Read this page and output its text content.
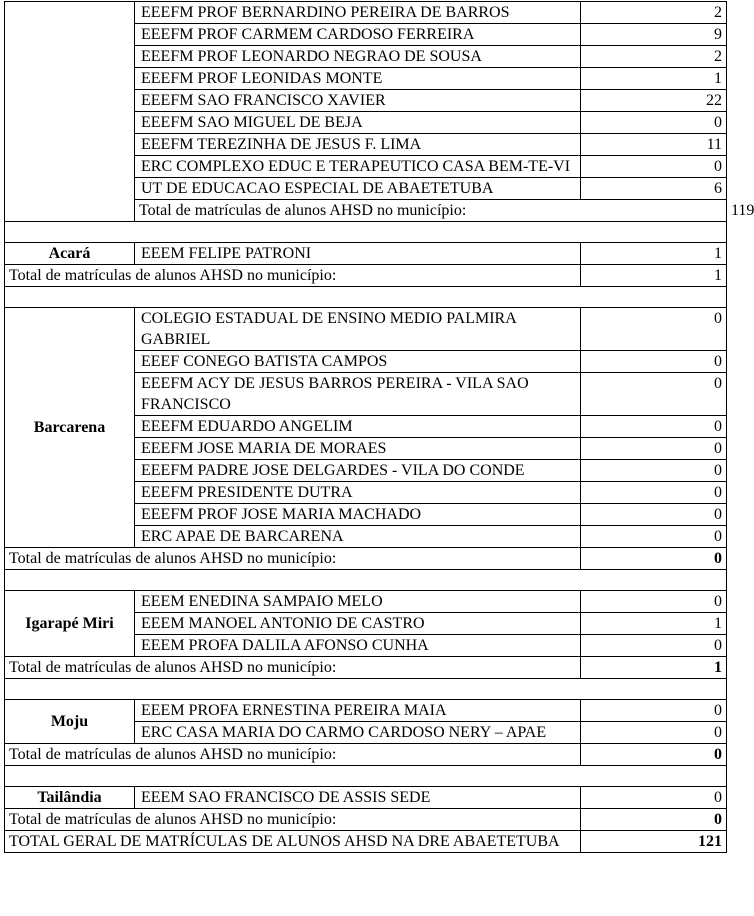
	EEEFM PROF BERNARDINO PEREIRA DE BARROS	2	
	EEEFM PROF CARMEM CARDOSO FERREIRA	9	
	EEEFM PROF LEONARDO NEGRAO DE SOUSA	2	
	EEEFM PROF LEONIDAS MONTE	1	
	EEEFM SAO FRANCISCO XAVIER	22	
	EEEFM SAO MIGUEL DE BEJA	0	
	EEEFM TEREZINHA DE JESUS F. LIMA	11	
	ERC COMPLEXO EDUC E TERAPEUTICO CASA BEM-TE-VI	0	
	UT DE EDUCACAO ESPECIAL DE ABAETETUBA	6	
	Total de matrículas de alunos AHSD no município:		119

Acará	EEEM FELIPE PATRONI	1	
Total de matrículas de alunos AHSD no município:		1	

Barcarena	COLEGIO ESTADUAL DE ENSINO MEDIO PALMIRA GABRIEL	0	
	EEEF CONEGO BATISTA CAMPOS	0	
	EEEFM ACY DE JESUS BARROS PEREIRA - VILA SAO FRANCISCO	0	
	EEEFM EDUARDO ANGELIM	0	
	EEEFM JOSE MARIA DE MORAES	0	
	EEEFM PADRE JOSE DELGARDES - VILA DO CONDE	0	
	EEEFM PRESIDENTE DUTRA	0	
	EEEFM PROF JOSE MARIA MACHADO	0	
	ERC APAE DE BARCARENA	0	
Total de matrículas de alunos AHSD no município:		0	

Igarapé Miri	EEEM ENEDINA SAMPAIO MELO	0	
	EEEM MANOEL ANTONIO DE CASTRO	1	
	EEEM PROFA DALILA AFONSO CUNHA	0	
Total de matrículas de alunos AHSD no município:		1	

Moju	EEEM PROFA ERNESTINA PEREIRA MAIA	0	
	ERC CASA MARIA DO CARMO CARDOSO NERY – APAE	0	
Total de matrículas de alunos AHSD no município:		0	

Tailândia	EEEM SAO FRANCISCO DE ASSIS SEDE	0	
Total de matrículas de alunos AHSD no município:		0	
TOTAL GERAL DE MATRÍCULAS DE ALUNOS AHSD NA DRE ABAETETUBA		121	
